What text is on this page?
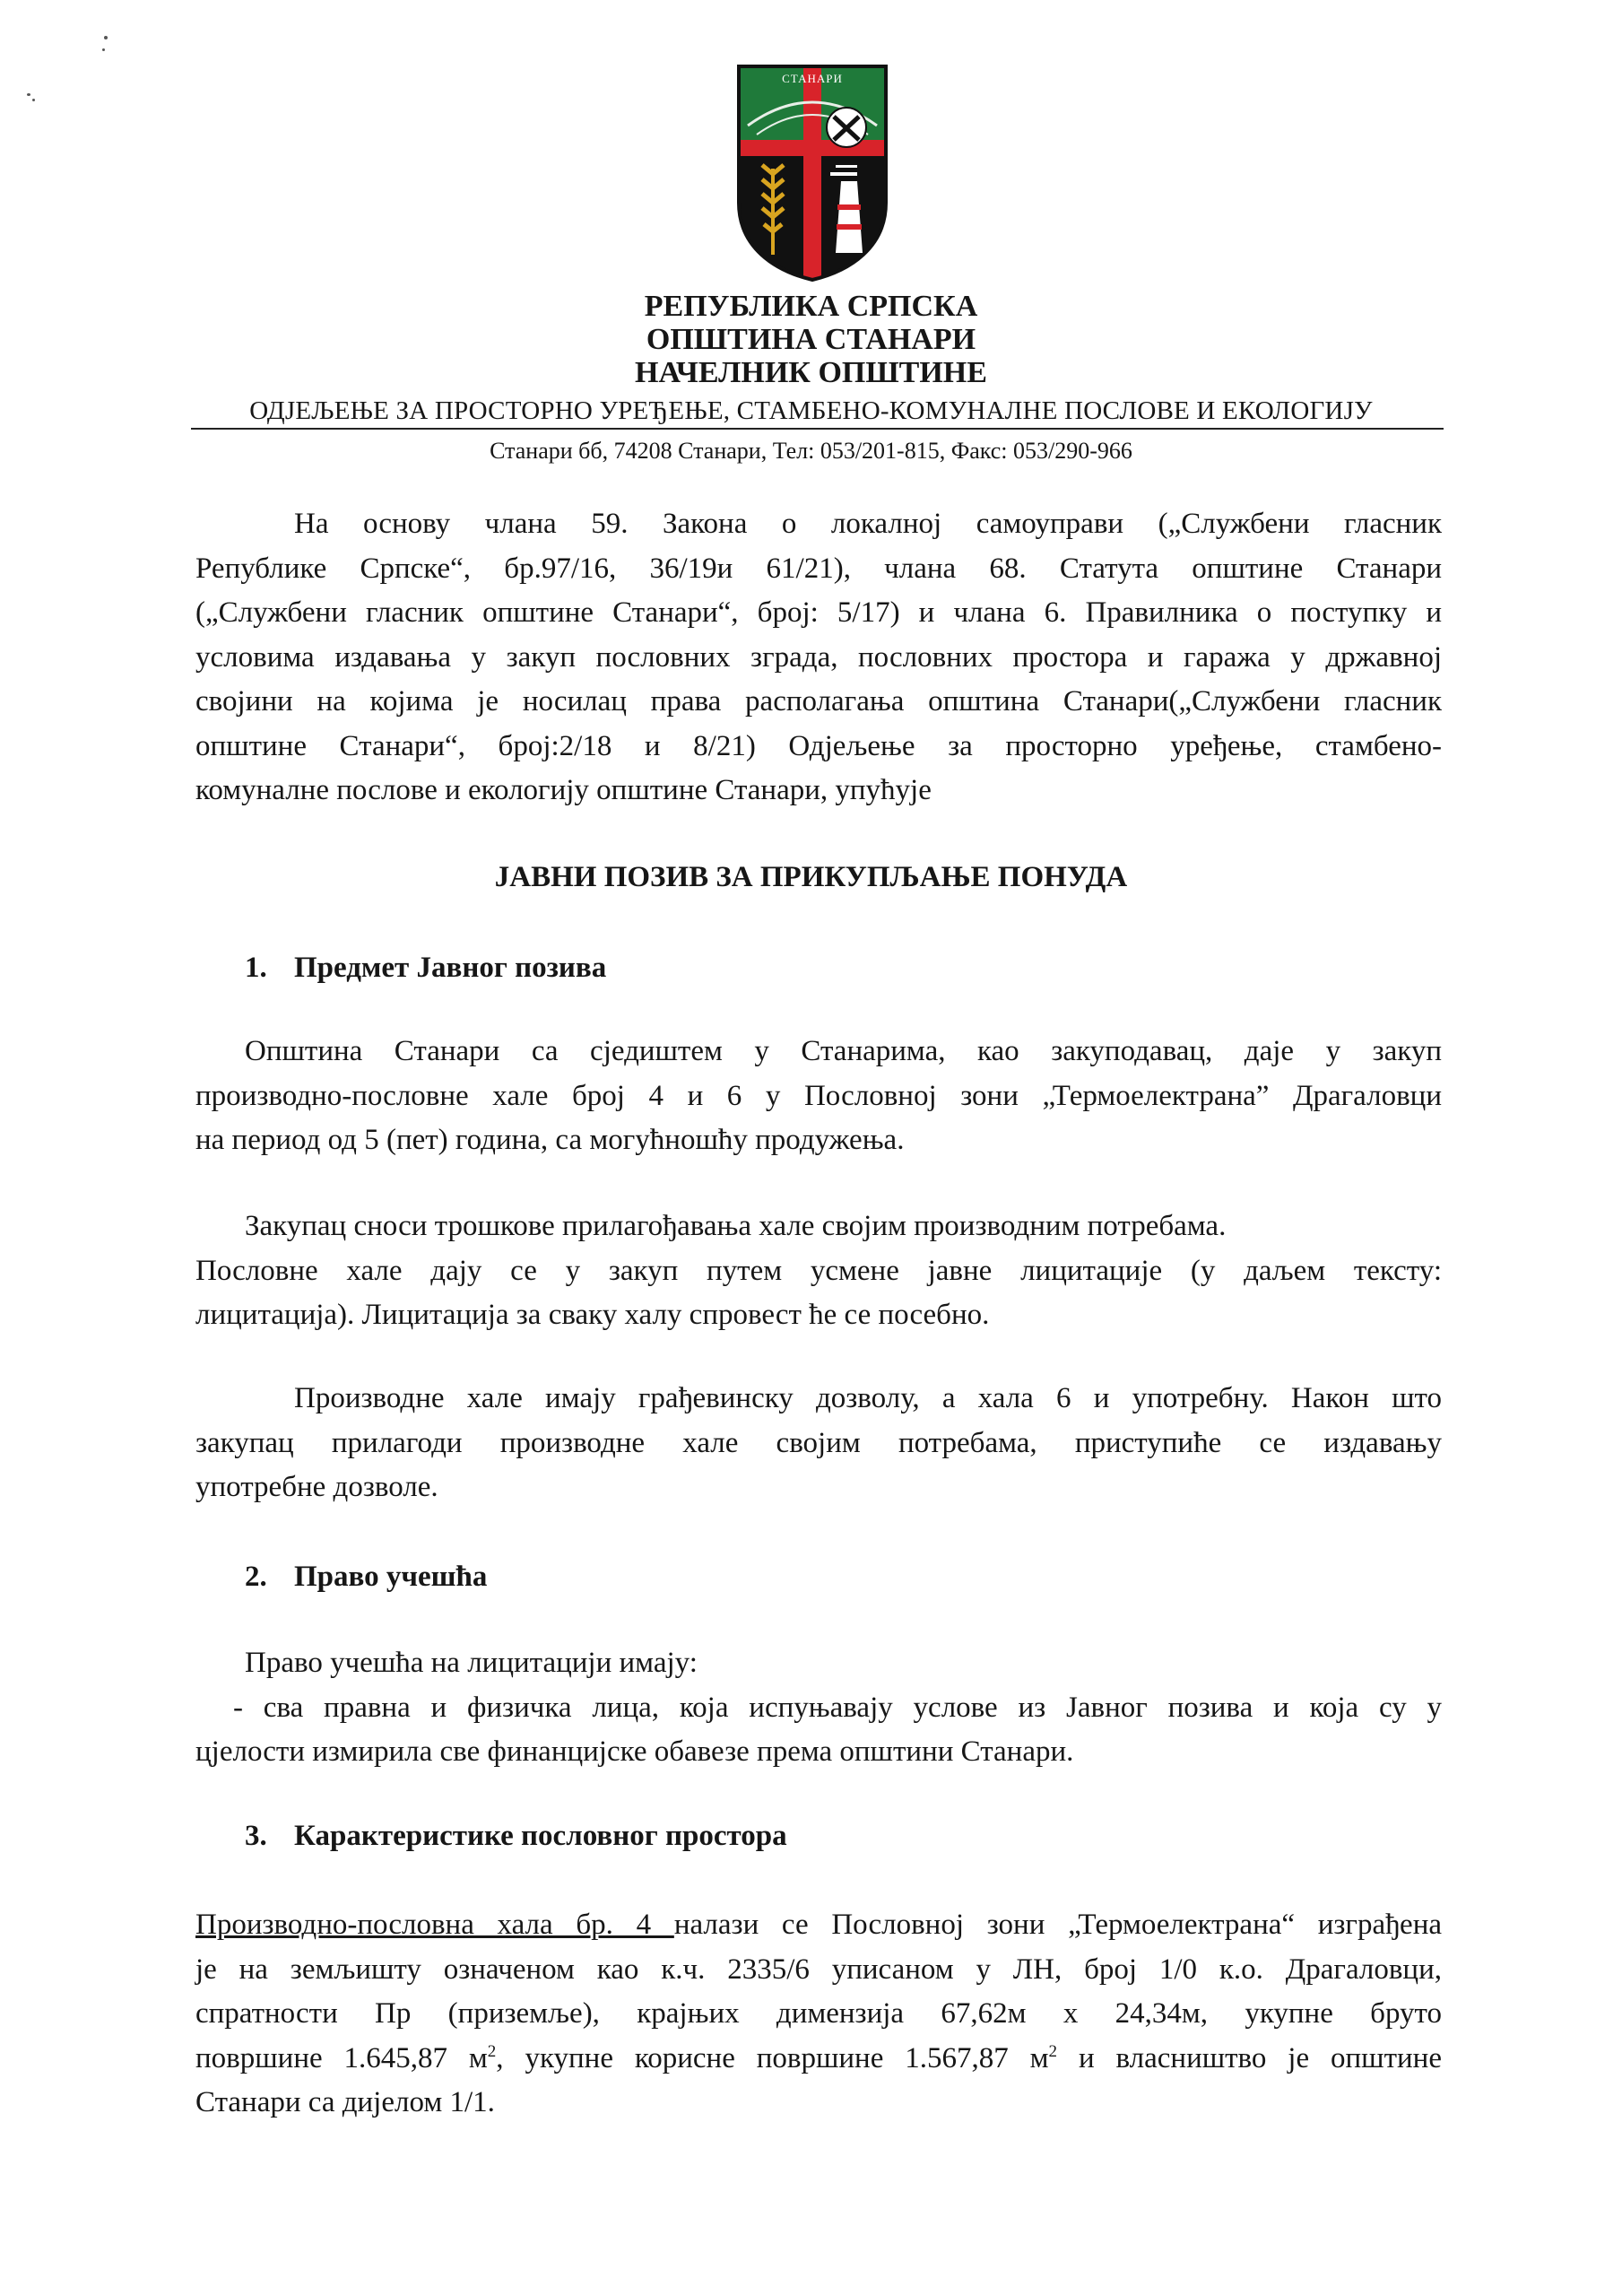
СТАНАРИ
РЕПУБЛИКА СРПСКА
ОПШТИНА СТАНАРИ
НАЧЕЛНИК ОПШТИНЕ
ОДЈЕЉЕЊЕ ЗА ПРОСТОРНО УРЕЂЕЊЕ, СТАМБЕНО-КОМУНАЛНЕ ПОСЛОВЕ И ЕКОЛОГИЈУ
Станари бб, 74208 Станари, Тел: 053/201-815, Факс: 053/290-966
На основу члана 59. Закона о локалној самоуправи („Службени гласник
Републике Српске“, бр.97/16, 36/19и 61/21), члана 68. Статута општине Станари
(„Службени гласник општине Станари“, број: 5/17) и члана 6. Правилника о поступку и
условима издавања у закуп пословних зграда, пословних простора и гаража у државној
својини на којима је носилац права располагања општина Станари(„Службени гласник
општине Станари“, број:2/18 и 8/21) Одјељење за просторно уређење, стамбено-
комуналне послове и екологију општине Станари, упућује
ЈАВНИ ПОЗИВ ЗА ПРИКУПЉАЊЕ ПОНУДА
1. Предмет Јавног позива
Општина Станари са сједиштем у Станарима, као закуподавац, даје у закуп
производно-пословне хале број 4 и 6 у Пословној зони „Термоелектрана” Драгаловци
на период од 5 (пет) година, са могућношћу продужења.
Закупац сноси трошкове прилагођавања хале својим производним потребама.
Пословне хале дају се у закуп путем усмене јавне лицитације (у даљем тексту:
лицитација). Лицитација за сваку халу спровест ће се посебно.
Производне хале имају грађевинску дозволу, а хала 6 и употребну. Након што
закупац прилагоди производне хале својим потребама, приступиће се издавању
употребне дозволе.
2. Право учешћа
Право учешћа на лицитацији имају:
- сва правна и физичка лица, која испуњавају услове из Јавног позива и која су у
цјелости измирила све финанцијске обавезе према општини Станари.
3. Карактеристике пословног простора
Производно-пословна хала бр. 4 налази се Пословној зони „Термоелектрана“ изграђена
је на земљишту означеном као к.ч. 2335/6 уписаном у ЛН, број 1/0 к.о. Драгаловци,
спратности Пр (приземље), крајњих димензија 67,62м х 24,34м, укупне бруто
површине 1.645,87 $м^2$, укупне корисне површине 1.567,87 $м^2$ и власништво је општине
Станари са дијелом 1/1.
